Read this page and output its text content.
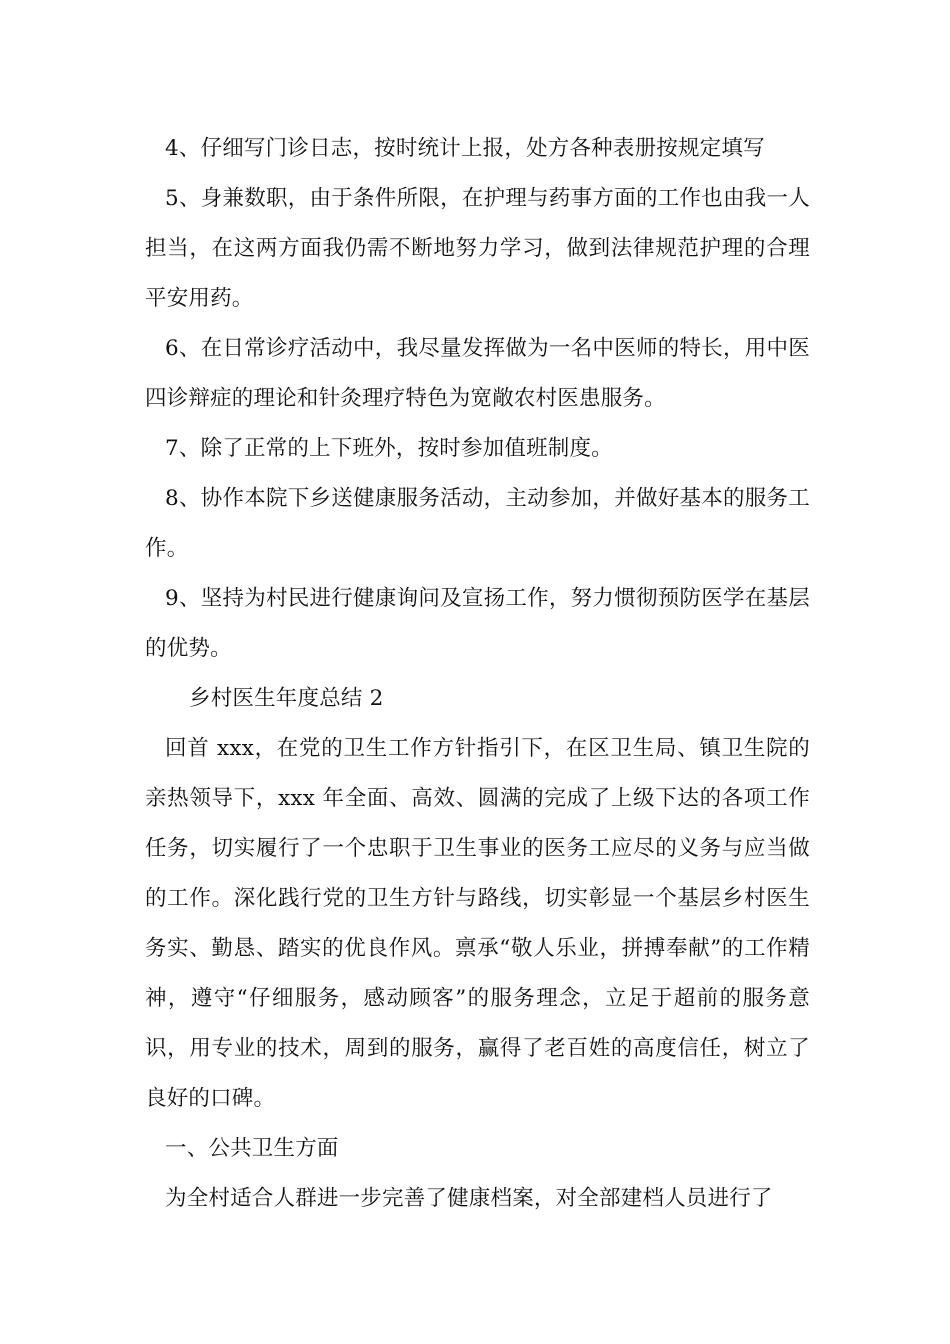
4、仔细写门诊日志，按时统计上报，处方各种表册按规定填写

5、身兼数职，由于条件所限，在护理与药事方面的工作也由我一人担当，在这两方面我仍需不断地努力学习，做到法律规范护理的合理平安用药。

6、在日常诊疗活动中，我尽量发挥做为一名中医师的特长，用中医四诊辩症的理论和针灸理疗特色为宽敞农村医患服务。

7、除了正常的上下班外，按时参加值班制度。

8、协作本院下乡送健康服务活动，主动参加，并做好基本的服务工作。

9、坚持为村民进行健康询问及宣扬工作，努力惯彻预防医学在基层的优势。

乡村医生年度总结 2

回首 xxx，在党的卫生工作方针指引下，在区卫生局、镇卫生院的亲热领导下，xxx 年全面、高效、圆满的完成了上级下达的各项工作任务，切实履行了一个忠职于卫生事业的医务工应尽的义务与应当做的工作。深化践行党的卫生方针与路线，切实彰显一个基层乡村医生务实、勤恳、踏实的优良作风。禀承“敬人乐业，拼搏奉献”的工作精神，遵守“仔细服务，感动顾客”的服务理念，立足于超前的服务意识，用专业的技术，周到的服务，赢得了老百姓的高度信任，树立了良好的口碑。

一、公共卫生方面

为全村适合人群进一步完善了健康档案，对全部建档人员进行了
